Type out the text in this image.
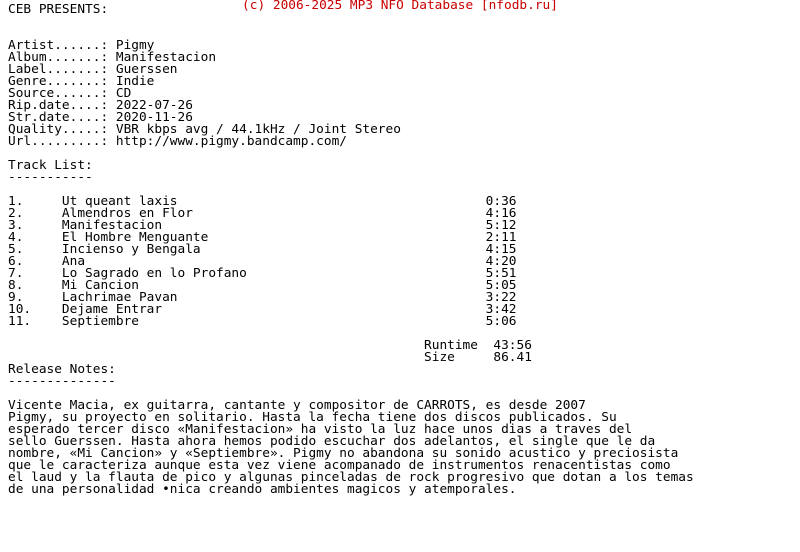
(c) 2006-2025 MP3 NFO Database [nfodb.ru]
CEB PRESENTS:
Artist......: Pigmy
Album.......: Manifestacion
Label.......: Guerssen
Genre.......: Indie
Source......: CD
Rip.date....: 2022-07-26
Str.date....: 2020-11-26
Quality.....: VBR kbps avg / 44.1kHz / Joint Stereo
Url.........: http://www.pigmy.bandcamp.com/
Track List:
-----------
1.     Ut queant laxis                                        0:36
2.     Almendros en Flor                                      4:16
3.     Manifestacion                                          5:12
4.     El Hombre Menguante                                    2:11
5.     Incienso y Bengala                                     4:15
6.     Ana                                                    4:20
7.     Lo Sagrado en lo Profano                               5:51
8.     Mi Cancion                                             5:05
9.     Lachrimae Pavan                                        3:22
10.    Dejame Entrar                                          3:42
11.    Septiembre                                             5:06
Runtime  43:56
Size     86.41
Release Notes:
--------------
Vicente Macia, ex guitarra, cantante y compositor de CARROTS, es desde 2007
Pigmy, su proyecto en solitario. Hasta la fecha tiene dos discos publicados. Su
esperado tercer disco «Manifestacion» ha visto la luz hace unos dias a traves del
sello Guerssen. Hasta ahora hemos podido escuchar dos adelantos, el single que le da
nombre, «Mi Cancion» y «Septiembre». Pigmy no abandona su sonido acustico y preciosista
que le caracteriza aunque esta vez viene acompanado de instrumentos renacentistas como
el laud y la flauta de pico y algunas pinceladas de rock progresivo que dotan a los temas
de una personalidad •nica creando ambientes magicos y atemporales.
